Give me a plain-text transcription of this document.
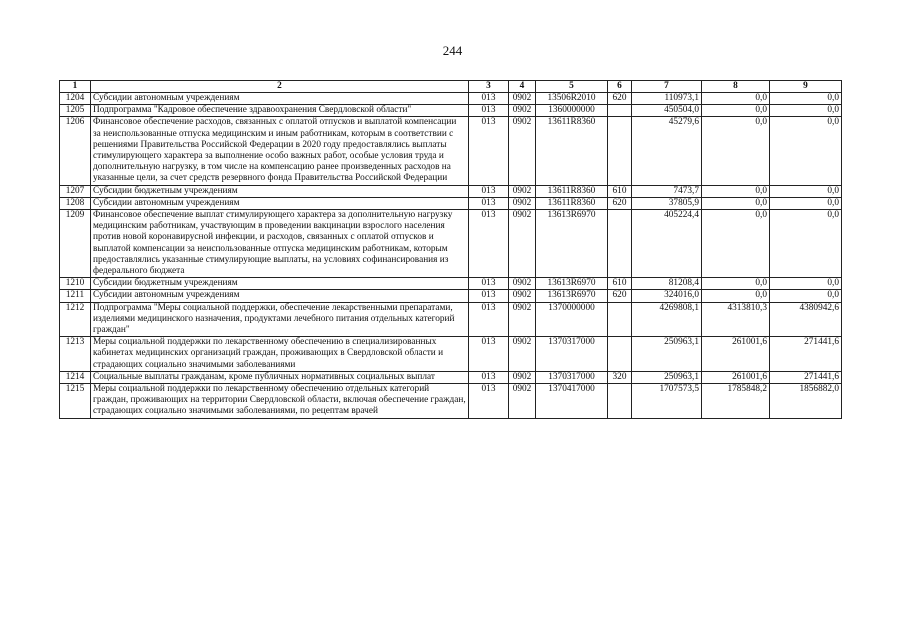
244
1	2	3	4	5	6	7	8	9
1204	Субсидии автономным учреждениям	013	0902	13506R2010	620	110973,1	0,0	0,0
1205	Подпрограмма "Кадровое обеспечение здравоохранения Свердловской области"	013	0902	1360000000		450504,0	0,0	0,0
1206	Финансовое обеспечение расходов, связанных с оплатой отпусков и выплатой компенсации за неиспользованные отпуска медицинским и иным работникам, которым в соответствии с решениями Правительства Российской Федерации в 2020 году предоставлялись выплаты стимулирующего характера за выполнение особо важных работ, особые условия труда и дополнительную нагрузку, в том числе на компенсацию ранее произведенных расходов на указанные цели, за счет средств резервного фонда Правительства Российской Федерации	013	0902	13611R8360		45279,6	0,0	0,0
1207	Субсидии бюджетным учреждениям	013	0902	13611R8360	610	7473,7	0,0	0,0
1208	Субсидии автономным учреждениям	013	0902	13611R8360	620	37805,9	0,0	0,0
1209	Финансовое обеспечение выплат стимулирующего характера за дополнительную нагрузку медицинским работникам, участвующим в проведении вакцинации взрослого населения против новой коронавирусной инфекции, и расходов, связанных с оплатой отпусков и выплатой компенсации за неиспользованные отпуска медицинским работникам, которым предоставлялись указанные стимулирующие выплаты, на условиях софинансирования из федерального бюджета	013	0902	13613R6970		405224,4	0,0	0,0
1210	Субсидии бюджетным учреждениям	013	0902	13613R6970	610	81208,4	0,0	0,0
1211	Субсидии автономным учреждениям	013	0902	13613R6970	620	324016,0	0,0	0,0
1212	Подпрограмма "Меры социальной поддержки, обеспечение лекарственными препаратами, изделиями медицинского назначения, продуктами лечебного питания отдельных категорий граждан"	013	0902	1370000000		4269808,1	4313810,3	4380942,6
1213	Меры социальной поддержки по лекарственному обеспечению в специализированных кабинетах медицинских организаций граждан, проживающих в Свердловской области и страдающих социально значимыми заболеваниями	013	0902	1370317000		250963,1	261001,6	271441,6
1214	Социальные выплаты гражданам, кроме публичных нормативных социальных выплат	013	0902	1370317000	320	250963,1	261001,6	271441,6
1215	Меры социальной поддержки по лекарственному обеспечению отдельных категорий граждан, проживающих на территории Свердловской области, включая обеспечение граждан, страдающих социально значимыми заболеваниями, по рецептам врачей	013	0902	1370417000		1707573,5	1785848,2	1856882,0
